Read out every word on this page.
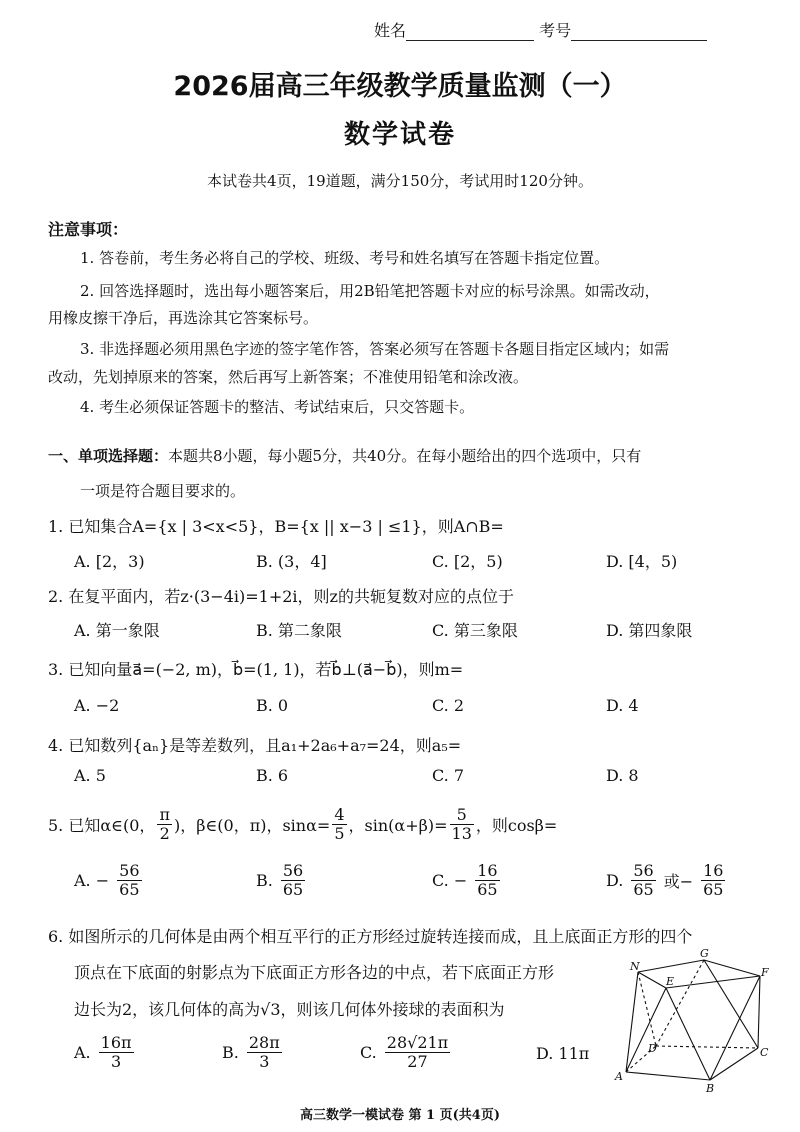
姓名	考号
2026届高三年级教学质量监测（一）
数学试卷
本试卷共4页，19道题，满分150分，考试用时120分钟。
注意事项：
1. 答卷前，考生务必将自己的学校、班级、考号和姓名填写在答题卡指定位置。
2. 回答选择题时，选出每小题答案后，用2B铅笔把答题卡对应的标号涂黑。如需改动，
用橡皮擦干净后，再选涂其它答案标号。
3. 非选择题必须用黑色字迹的签字笔作答，答案必须写在答题卡各题目指定区域内；如需
改动，先划掉原来的答案，然后再写上新答案；不准使用铅笔和涂改液。
4. 考生必须保证答题卡的整洁、考试结束后，只交答题卡。
一、单项选择题：本题共8小题，每小题5分，共40分。在每小题给出的四个选项中，只有
一项是符合题目要求的。
1. 已知集合A={x | 3<x<5}，B={x || x−3 | ≤1}，则A∩B=
A. [2，3)	B. (3，4]	C. [2，5)	D. [4，5)
2. 在复平面内，若z·(3−4i)=1+2i，则z的共轭复数对应的点位于
A. 第一象限	B. 第二象限	C. 第三象限	D. 第四象限
3. 已知向量a⃗=(−2, m)，b⃗=(1, 1)，若b⃗⊥(a⃗−b⃗)，则m=
A. −2	B. 0	C. 2	D. 4
4. 已知数列{aₙ}是等差数列，且a₁+2a₆+a₇=24，则a₅=
A. 5	B. 6	C. 7	D. 8
5. 已知α∈(0， $\frac{\pi}{2}$ )，β∈(0，π)，$\sin\alpha= \frac{4}{5}$ ，$\sin(\alpha+\beta)= \frac{5}{13}$ ，则cosβ=
A. − $\frac{56}{65}$	B. $\frac{56}{65}$	C. − $\frac{16}{65}$	D. $\frac{56}{65}$ 或− $\frac{16}{65}$
6. 如图所示的几何体是由两个相互平行的正方形经过旋转连接而成，且上底面正方形的四个
顶点在下底面的射影点为下底面正方形各边的中点，若下底面正方形
边长为2，该几何体的高为√3，则该几何体外接球的表面积为
A. $\frac{16\pi}{3}$	B. $\frac{28\pi}{3}$	C. $\frac{28√21\pi}{27}$	D. 11π
N
G
F
E
D	C
A
B
高三数学一模试卷 第 1 页(共4页)
